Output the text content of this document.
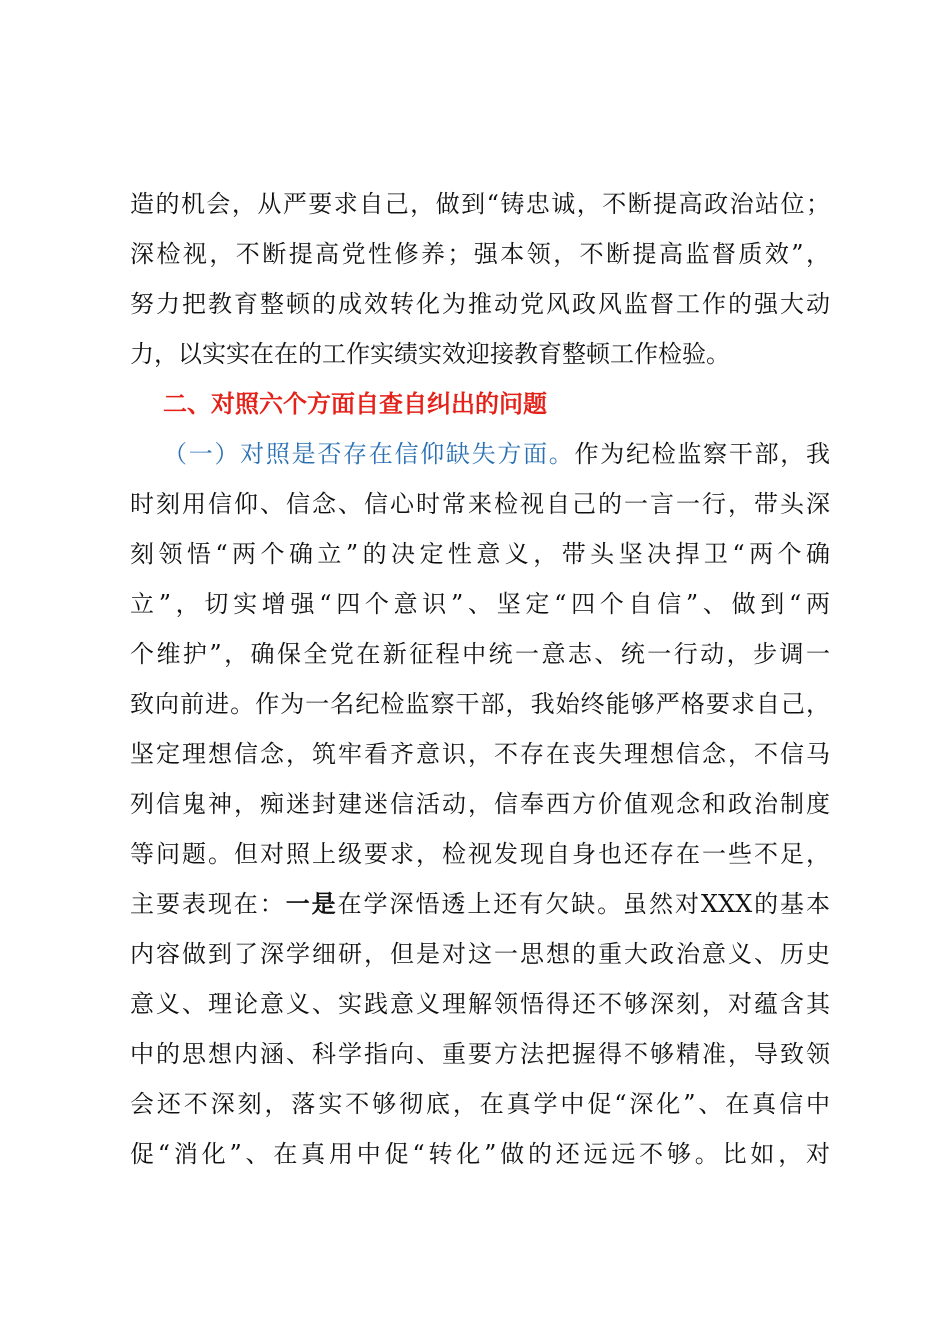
造的机会，从严要求自己，做到“铸忠诚，不断提高政治站位；
深检视，不断提高党性修养；强本领，不断提高监督质效”，
努力把教育整顿的成效转化为推动党风政风监督工作的强大动
力，以实实在在的工作实绩实效迎接教育整顿工作检验。
二、对照六个方面自查自纠出的问题
（一）对照是否存在信仰缺失方面。作为纪检监察干部，我
时刻用信仰、信念、信心时常来检视自己的一言一行，带头深
刻领悟“两个确立”的决定性意义，带头坚决捍卫“两个确
立”，切实增强“四个意识”、坚定“四个自信”、做到“两
个维护”，确保全党在新征程中统一意志、统一行动，步调一
致向前进。作为一名纪检监察干部，我始终能够严格要求自己，
坚定理想信念，筑牢看齐意识，不存在丧失理想信念，不信马
列信鬼神，痴迷封建迷信活动，信奉西方价值观念和政治制度
等问题。但对照上级要求，检视发现自身也还存在一些不足，
主要表现在：一是在学深悟透上还有欠缺。虽然对XXX的基本
内容做到了深学细研，但是对这一思想的重大政治意义、历史
意义、理论意义、实践意义理解领悟得还不够深刻，对蕴含其
中的思想内涵、科学指向、重要方法把握得不够精准，导致领
会还不深刻，落实不够彻底，在真学中促“深化”、在真信中
促“消化”、在真用中促“转化”做的还远远不够。比如，对
